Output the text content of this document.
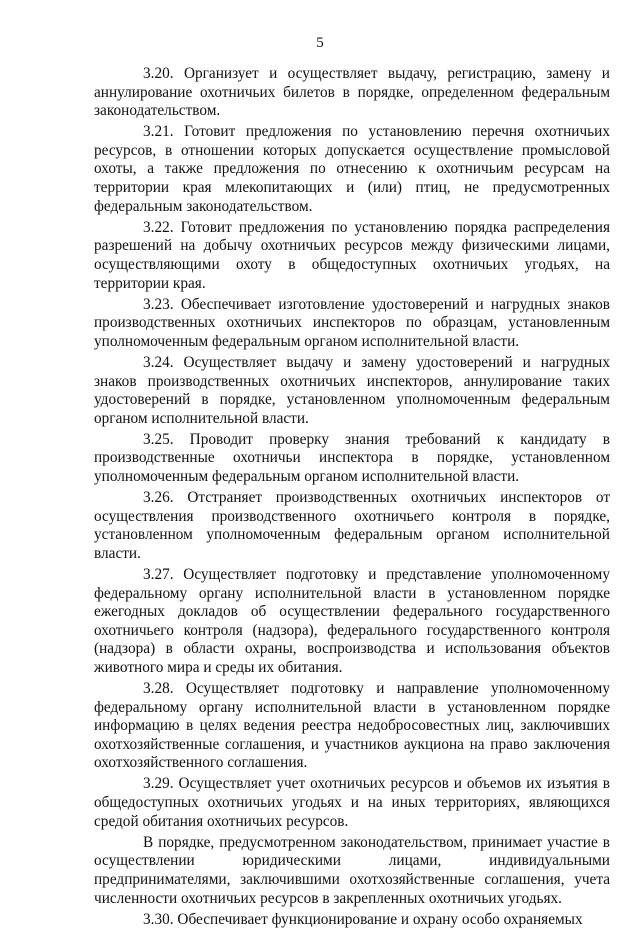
5

3.20. Организует и осуществляет выдачу, регистрацию, замену и аннулирование охотничьих билетов в порядке, определенном федеральным законодательством.

3.21. Готовит предложения по установлению перечня охотничьих ресурсов, в отношении которых допускается осуществление промысловой охоты, а также предложения по отнесению к охотничьим ресурсам на территории края млекопитающих и (или) птиц, не предусмотренных федеральным законодательством.

3.22. Готовит предложения по установлению порядка распределения разрешений на добычу охотничьих ресурсов между физическими лицами, осуществляющими охоту в общедоступных охотничьих угодьях, на территории края.

3.23. Обеспечивает изготовление удостоверений и нагрудных знаков производственных охотничьих инспекторов по образцам, установленным уполномоченным федеральным органом исполнительной власти.

3.24. Осуществляет выдачу и замену удостоверений и нагрудных знаков производственных охотничьих инспекторов, аннулирование таких удостоверений в порядке, установленном уполномоченным федеральным органом исполнительной власти.

3.25. Проводит проверку знания требований к кандидату в производственные охотничьи инспектора в порядке, установленном уполномоченным федеральным органом исполнительной власти.

3.26. Отстраняет производственных охотничьих инспекторов от осуществления производственного охотничьего контроля в порядке, установленном уполномоченным федеральным органом исполнительной власти.

3.27. Осуществляет подготовку и представление уполномоченному федеральному органу исполнительной власти в установленном порядке ежегодных докладов об осуществлении федерального государственного охотничьего контроля (надзора), федерального государственного контроля (надзора) в области охраны, воспроизводства и использования объектов животного мира и среды их обитания.

3.28. Осуществляет подготовку и направление уполномоченному федеральному органу исполнительной власти в установленном порядке информацию в целях ведения реестра недобросовестных лиц, заключивших охотхозяйственные соглашения, и участников аукциона на право заключения охотхозяйственного соглашения.

3.29. Осуществляет учет охотничьих ресурсов и объемов их изъятия в общедоступных охотничьих угодьях и на иных территориях, являющихся средой обитания охотничьих ресурсов.

В порядке, предусмотренном законодательством, принимает участие в осуществлении юридическими лицами, индивидуальными предпринимателями, заключившими охотхозяйственные соглашения, учета численности охотничьих ресурсов в закрепленных охотничьих угодьях.

3.30. Обеспечивает функционирование и охрану особо охраняемых
